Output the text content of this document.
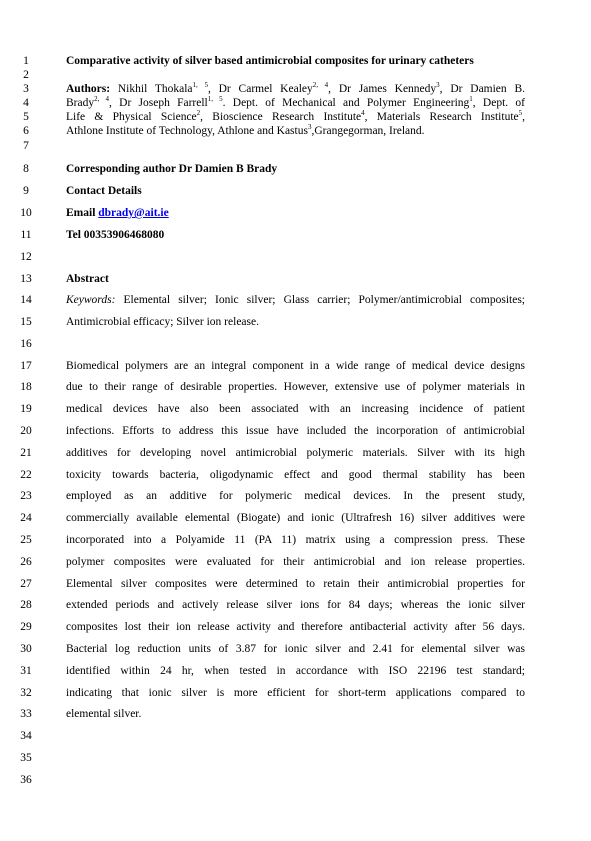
1
2
3
4
5
6
7
8
9
10
11
12
13
14
15
16
17
18
19
20
21
22
23
24
25
26
27
28
29
30
31
32
33
34
35
36
Comparative activity of silver based antimicrobial composites for urinary catheters
Authors: Nikhil Thokala$^{1, 5}$, Dr Carmel Kealey$^{2, 4}$, Dr James Kennedy$^3$, Dr Damien B.
Brady$^{2, 4}$, Dr Joseph Farrell$^{1, 5}$. Dept. of Mechanical and Polymer Engineering$^1$, Dept. of
Life & Physical Science$^2$, Bioscience Research Institute$^4$, Materials Research Institute$^5$,
Athlone Institute of Technology, Athlone and Kastus$^3$,Grangegorman, Ireland.
Corresponding author Dr Damien B Brady
Contact Details
Email dbrady@ait.ie
Tel 00353906468080
Abstract
Keywords: Elemental silver; Ionic silver; Glass carrier; Polymer/antimicrobial composites;
Antimicrobial efficacy; Silver ion release.
Biomedical polymers are an integral component in a wide range of medical device designs
due to their range of desirable properties. However, extensive use of polymer materials in
medical devices have also been associated with an increasing incidence of patient
infections. Efforts to address this issue have included the incorporation of antimicrobial
additives for developing novel antimicrobial polymeric materials. Silver with its high
toxicity towards bacteria, oligodynamic effect and good thermal stability has been
employed as an additive for polymeric medical devices. In the present study,
commercially available elemental (Biogate) and ionic (Ultrafresh 16) silver additives were
incorporated into a Polyamide 11 (PA 11) matrix using a compression press. These
polymer composites were evaluated for their antimicrobial and ion release properties.
Elemental silver composites were determined to retain their antimicrobial properties for
extended periods and actively release silver ions for 84 days; whereas the ionic silver
composites lost their ion release activity and therefore antibacterial activity after 56 days.
Bacterial log reduction units of 3.87 for ionic silver and 2.41 for elemental silver was
identified within 24 hr, when tested in accordance with ISO 22196 test standard;
indicating that ionic silver is more efficient for short-term applications compared to
elemental silver.
